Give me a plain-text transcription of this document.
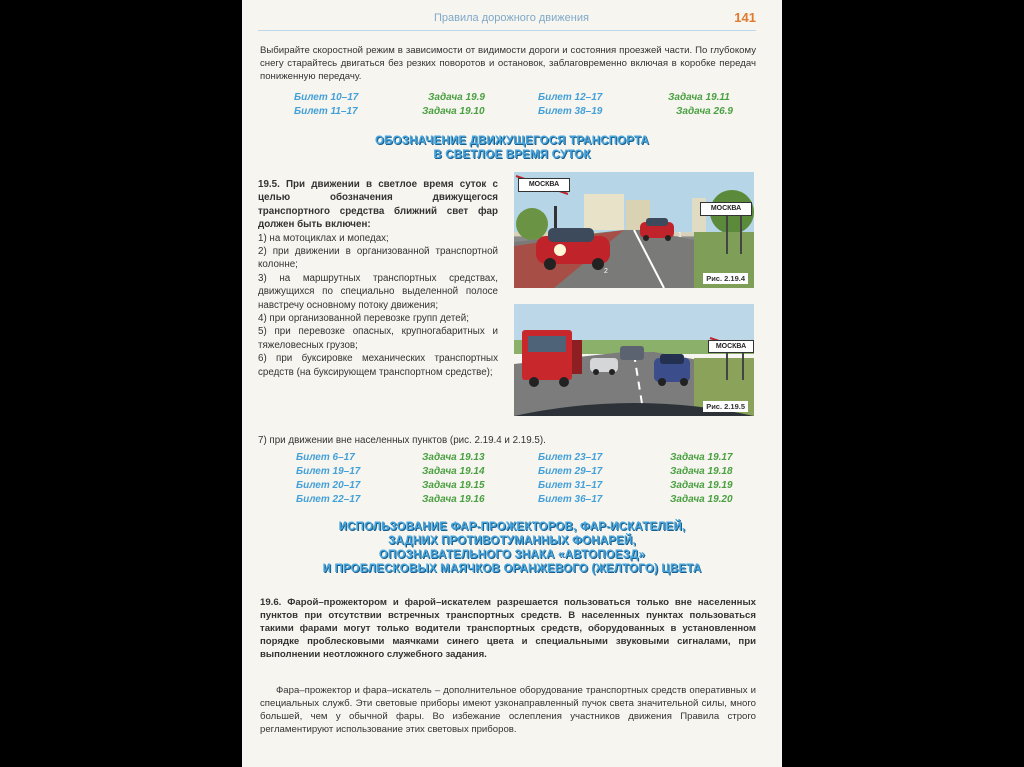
Правила дорожного движения	141
Выбирайте скоростной режим в зависимости от видимости дороги и состояния проезжей части. По глубокому снегу старайтесь двигаться без резких поворотов и остановок, заблаговременно включая в коробке передач пониженную передачу.
Билет 10–17	Задача 19.9	Билет 12–17	Задача 19.11
Билет 11–17	Задача 19.10	Билет 38–19	Задача 26.9
ОБОЗНАЧЕНИЕ ДВИЖУЩЕГОСЯ ТРАНСПОРТА
В СВЕТЛОЕ ВРЕМЯ СУТОК
19.5. При движении в светлое время суток с целью обозначения движущегося транспортного средства ближний свет фар должен быть включен:
1) на мотоциклах и мопедах;
2) при движении в организованной транспортной колонне;
3) на маршрутных транспортных средствах, движущихся по специально выделенной полосе навстречу основному потоку движения;
4) при организованной перевозке групп детей;
5) при перевозке опасных, крупногабаритных и тяжеловесных грузов;
6) при буксировке механических транспортных средств (на буксирующем транспортном средстве);
МОСКВА
МОСКВА
2
1
Рис. 2.19.4
МОСКВА
Рис. 2.19.5
7) при движении вне населенных пунктов (рис. 2.19.4 и 2.19.5).
Билет 6–17	Задача 19.13	Билет 23–17	Задача 19.17
Билет 19–17	Задача 19.14	Билет 29–17	Задача 19.18
Билет 20–17	Задача 19.15	Билет 31–17	Задача 19.19
Билет 22–17	Задача 19.16	Билет 36–17	Задача 19.20
ИСПОЛЬЗОВАНИЕ ФАР-ПРОЖЕКТОРОВ, ФАР-ИСКАТЕЛЕЙ,
ЗАДНИХ ПРОТИВОТУМАННЫХ ФОНАРЕЙ,
ОПОЗНАВАТЕЛЬНОГО ЗНАКА «АВТОПОЕЗД»
И ПРОБЛЕСКОВЫХ МАЯЧКОВ ОРАНЖЕВОГО (ЖЕЛТОГО) ЦВЕТА
19.6. Фарой–прожектором и фарой–искателем разрешается пользоваться только вне населенных пунктов при отсутствии встречных транспортных средств. В населенных пунктах пользоваться такими фарами могут только водители транспортных средств, оборудованных в установленном порядке проблесковыми маячками синего цвета и специальными звуковыми сигналами, при выполнении неотложного служебного задания.
Фара–прожектор и фара–искатель – дополнительное оборудование транспортных средств оперативных и специальных служб. Эти световые приборы имеют узконаправленный пучок света значительной силы, много большей, чем у обычной фары. Во избежание ослепления участников движения Правила строго регламентируют использование этих световых приборов.
